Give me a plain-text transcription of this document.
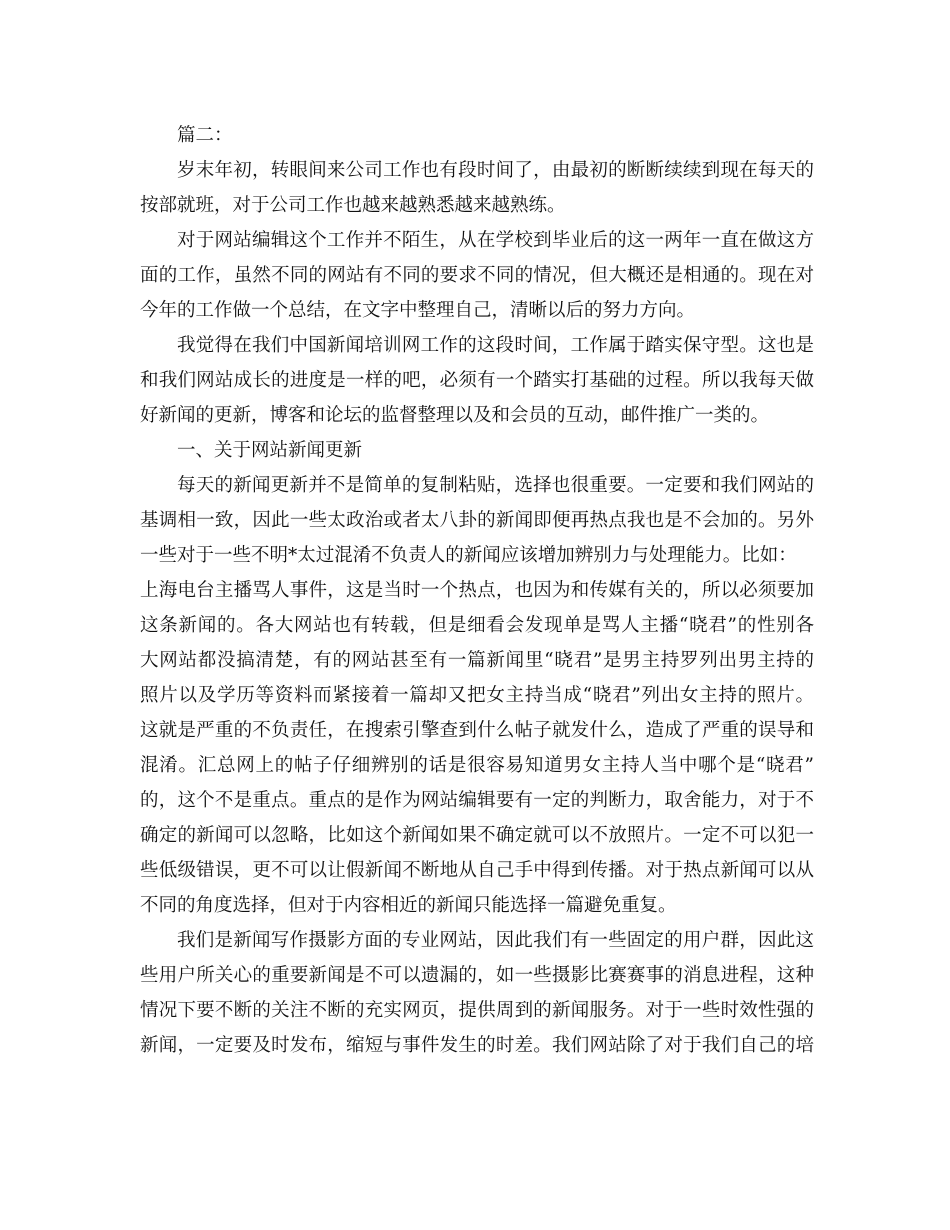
篇二：
岁末年初，转眼间来公司工作也有段时间了，由最初的断断续续到现在每天的
按部就班，对于公司工作也越来越熟悉越来越熟练。
对于网站编辑这个工作并不陌生，从在学校到毕业后的这一两年一直在做这方
面的工作，虽然不同的网站有不同的要求不同的情况，但大概还是相通的。现在对
今年的工作做一个总结，在文字中整理自己，清晰以后的努力方向。
我觉得在我们中国新闻培训网工作的这段时间，工作属于踏实保守型。这也是
和我们网站成长的进度是一样的吧，必须有一个踏实打基础的过程。所以我每天做
好新闻的更新，博客和论坛的监督整理以及和会员的互动，邮件推广一类的。
一、关于网站新闻更新
每天的新闻更新并不是简单的复制粘贴，选择也很重要。一定要和我们网站的
基调相一致，因此一些太政治或者太八卦的新闻即便再热点我也是不会加的。另外
一些对于一些不明*太过混淆不负责人的新闻应该增加辨别力与处理能力。比如：
上海电台主播骂人事件，这是当时一个热点，也因为和传媒有关的，所以必须要加
这条新闻的。各大网站也有转载，但是细看会发现单是骂人主播“晓君”的性别各
大网站都没搞清楚，有的网站甚至有一篇新闻里“晓君”是男主持罗列出男主持的
照片以及学历等资料而紧接着一篇却又把女主持当成“晓君”列出女主持的照片。
这就是严重的不负责任，在搜索引擎查到什么帖子就发什么，造成了严重的误导和
混淆。汇总网上的帖子仔细辨别的话是很容易知道男女主持人当中哪个是“晓君”
的，这个不是重点。重点的是作为网站编辑要有一定的判断力，取舍能力，对于不
确定的新闻可以忽略，比如这个新闻如果不确定就可以不放照片。一定不可以犯一
些低级错误，更不可以让假新闻不断地从自己手中得到传播。对于热点新闻可以从
不同的角度选择，但对于内容相近的新闻只能选择一篇避免重复。
我们是新闻写作摄影方面的专业网站，因此我们有一些固定的用户群，因此这
些用户所关心的重要新闻是不可以遗漏的，如一些摄影比赛赛事的消息进程，这种
情况下要不断的关注不断的充实网页，提供周到的新闻服务。对于一些时效性强的
新闻，一定要及时发布，缩短与事件发生的时差。我们网站除了对于我们自己的培
